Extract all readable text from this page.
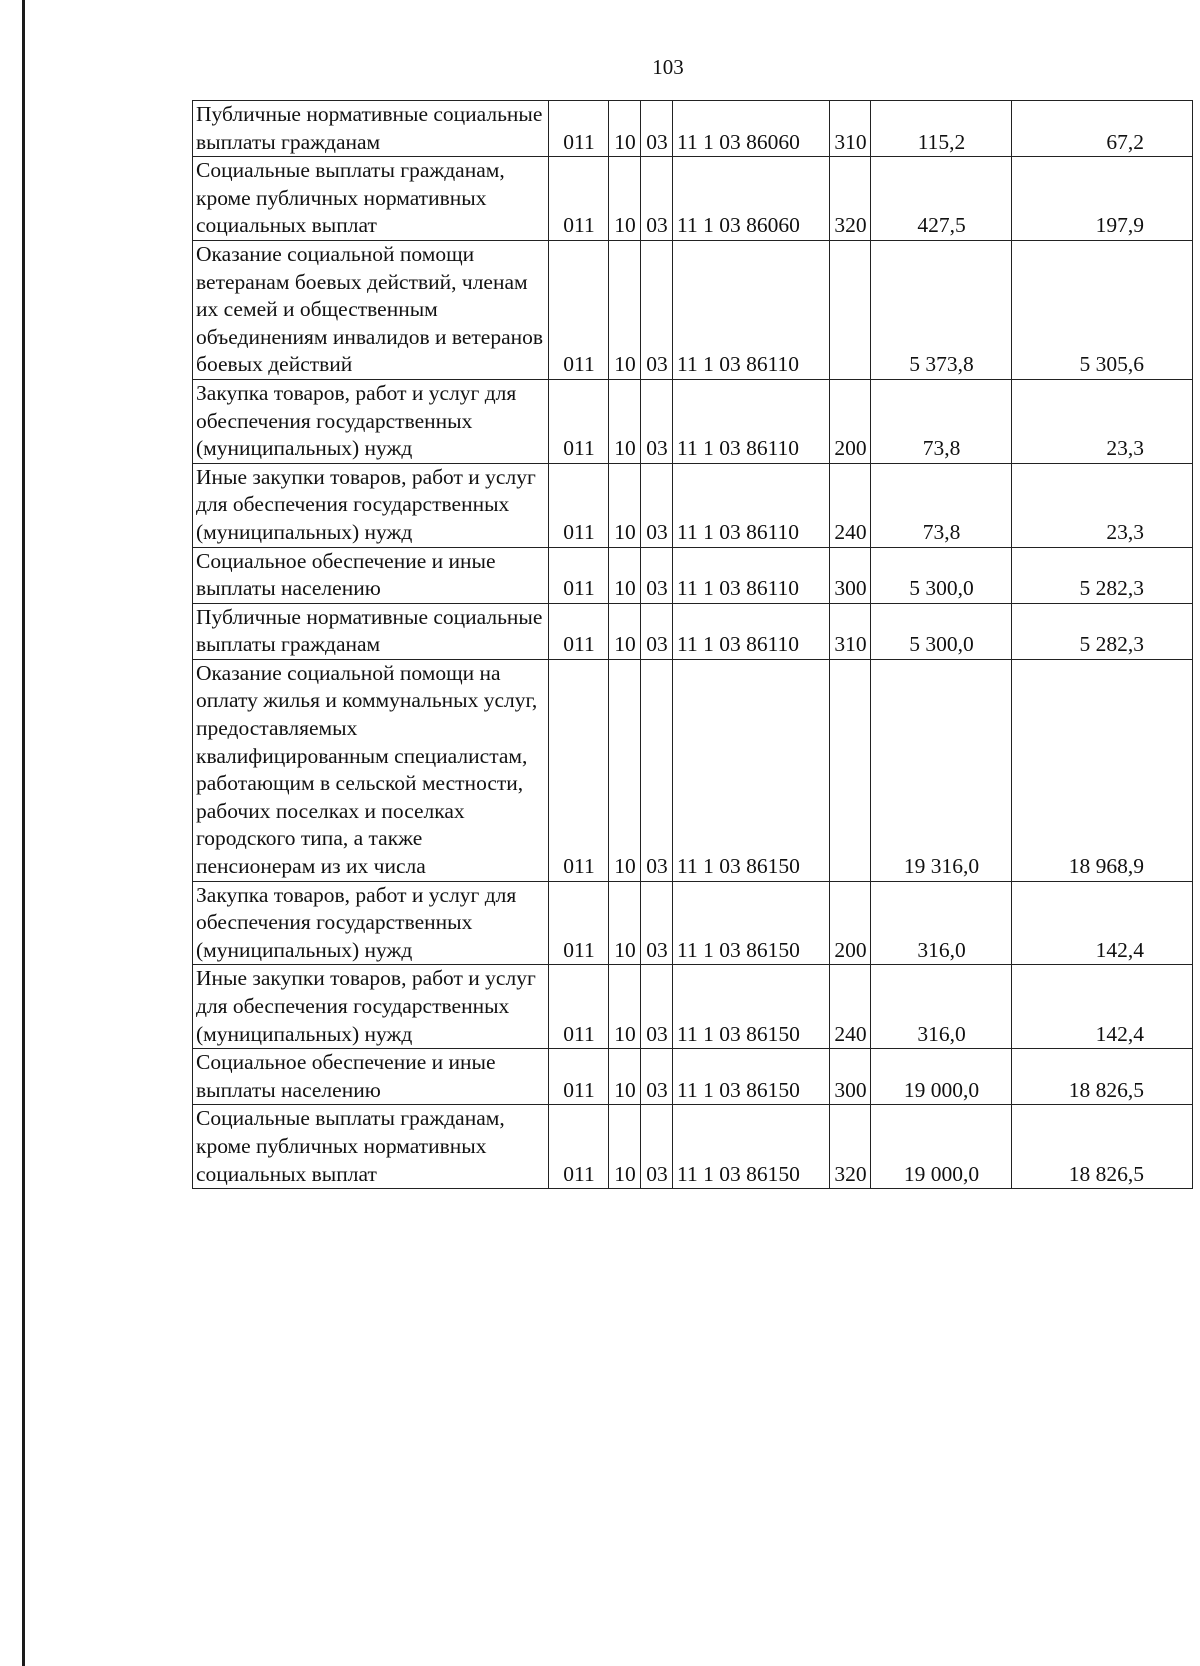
103
Публичные нормативные социальные выплаты гражданам	011	10	03	11 1 03 86060	310	115,2	67,2
Социальные выплаты гражданам, кроме публичных нормативных социальных выплат	011	10	03	11 1 03 86060	320	427,5	197,9
Оказание социальной помощи ветеранам боевых действий, членам их семей и общественным объединениям инвалидов и ветеранов боевых действий	011	10	03	11 1 03 86110		5 373,8	5 305,6
Закупка товаров, работ и услуг для обеспечения государственных (муниципальных) нужд	011	10	03	11 1 03 86110	200	73,8	23,3
Иные закупки товаров, работ и услуг для обеспечения государственных (муниципальных) нужд	011	10	03	11 1 03 86110	240	73,8	23,3
Социальное обеспечение и иные выплаты населению	011	10	03	11 1 03 86110	300	5 300,0	5 282,3
Публичные нормативные социальные выплаты гражданам	011	10	03	11 1 03 86110	310	5 300,0	5 282,3
Оказание социальной помощи на оплату жилья и коммунальных услуг, предоставляемых квалифицированным специалистам, работающим в сельской местности, рабочих поселках и поселках городского типа, а также пенсионерам из их числа	011	10	03	11 1 03 86150		19 316,0	18 968,9
Закупка товаров, работ и услуг для обеспечения государственных (муниципальных) нужд	011	10	03	11 1 03 86150	200	316,0	142,4
Иные закупки товаров, работ и услуг для обеспечения государственных (муниципальных) нужд	011	10	03	11 1 03 86150	240	316,0	142,4
Социальное обеспечение и иные выплаты населению	011	10	03	11 1 03 86150	300	19 000,0	18 826,5
Социальные выплаты гражданам, кроме публичных нормативных социальных выплат	011	10	03	11 1 03 86150	320	19 000,0	18 826,5
